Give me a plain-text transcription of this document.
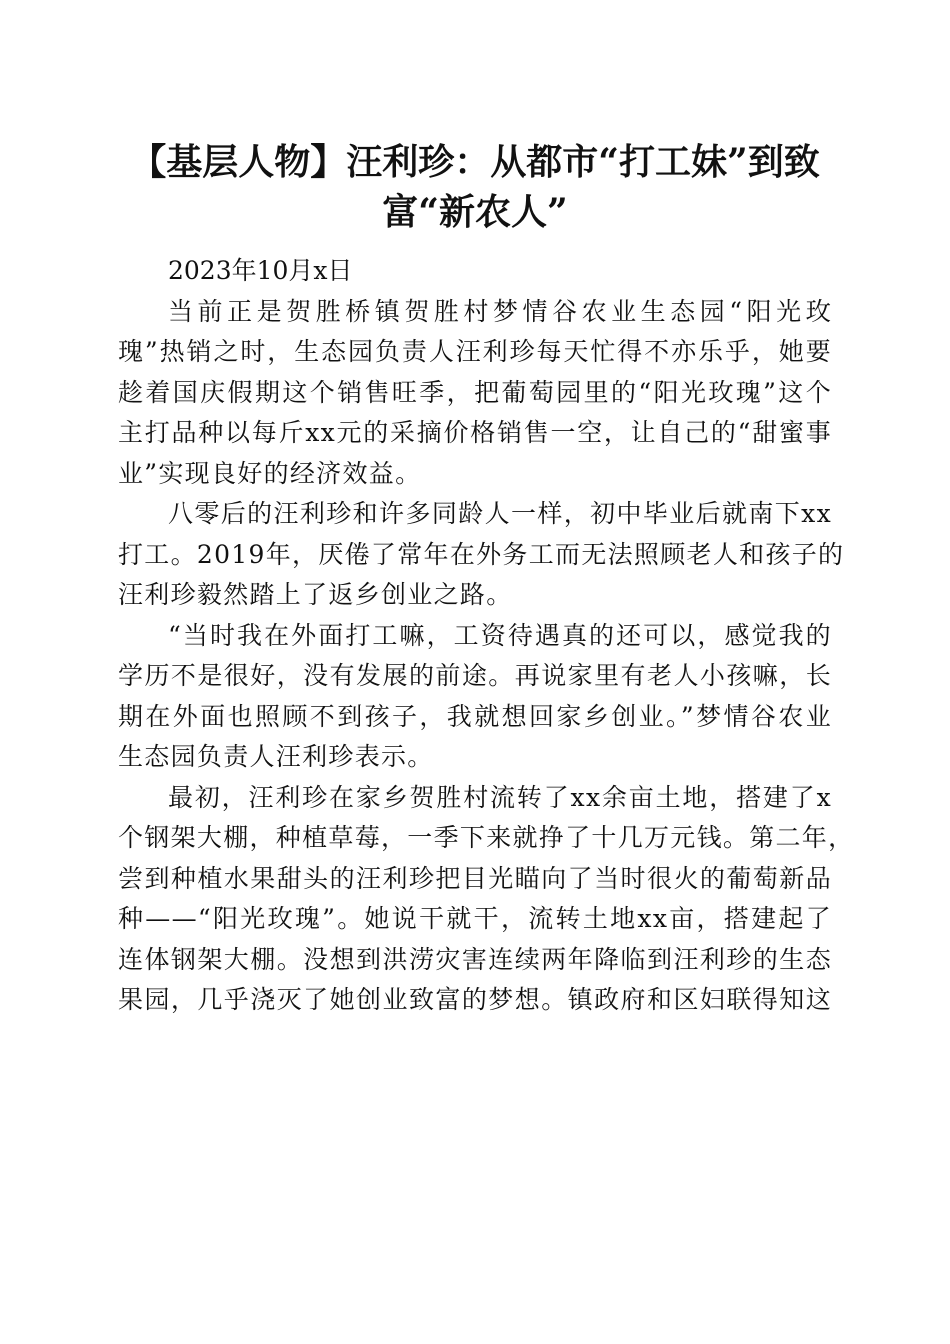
【基层人物】汪利珍：从都市“打工妹”到致
富“新农人”

2023年10月x日

当前正是贺胜桥镇贺胜村梦情谷农业生态园“阳光玫
瑰”热销之时，生态园负责人汪利珍每天忙得不亦乐乎，她要
趁着国庆假期这个销售旺季，把葡萄园里的“阳光玫瑰”这个
主打品种以每斤xx元的采摘价格销售一空，让自己的“甜蜜事
业”实现良好的经济效益。

八零后的汪利珍和许多同龄人一样，初中毕业后就南下xx
打工。2019年，厌倦了常年在外务工而无法照顾老人和孩子的
汪利珍毅然踏上了返乡创业之路。

“当时我在外面打工嘛，工资待遇真的还可以，感觉我的
学历不是很好，没有发展的前途。再说家里有老人小孩嘛，长
期在外面也照顾不到孩子，我就想回家乡创业。”梦情谷农业
生态园负责人汪利珍表示。

最初，汪利珍在家乡贺胜村流转了xx余亩土地，搭建了x
个钢架大棚，种植草莓，一季下来就挣了十几万元钱。第二年，
尝到种植水果甜头的汪利珍把目光瞄向了当时很火的葡萄新品
种——“阳光玫瑰”。她说干就干，流转土地xx亩，搭建起了
连体钢架大棚。没想到洪涝灾害连续两年降临到汪利珍的生态
果园，几乎浇灭了她创业致富的梦想。镇政府和区妇联得知这
